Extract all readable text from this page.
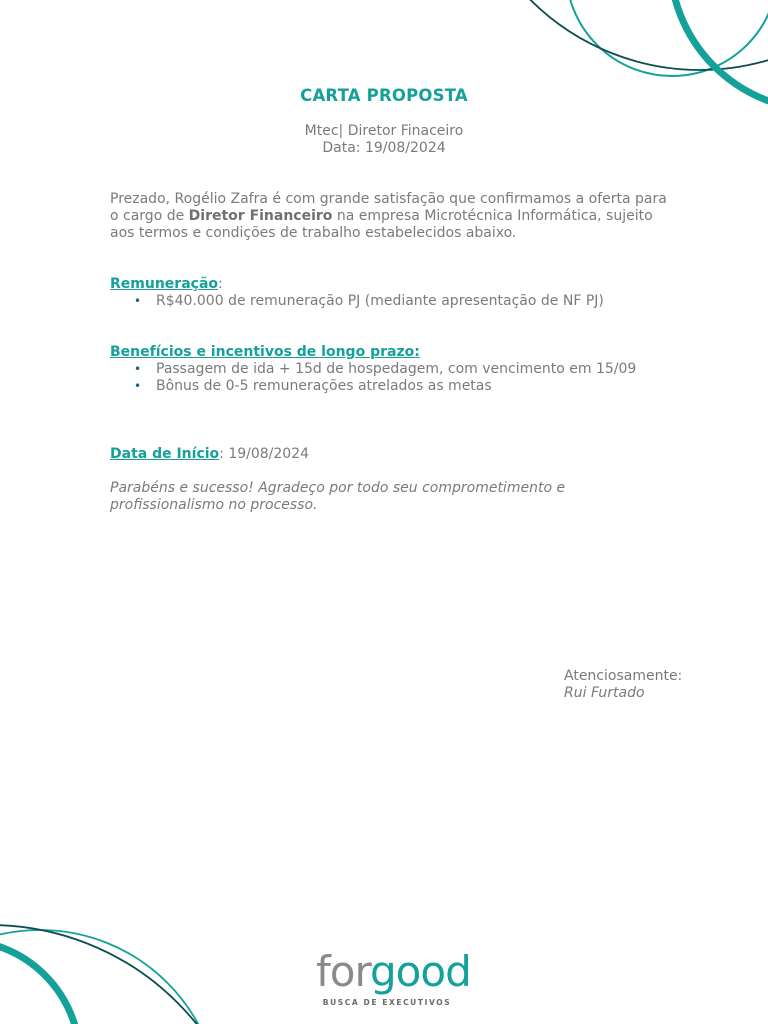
CARTA PROPOSTA
Mtec| Diretor Finaceiro
Data: 19/08/2024
Prezado, Rogélio Zafra é com grande satisfação que confirmamos a oferta para o cargo de Diretor Financeiro na empresa Microtécnica Informática, sujeito aos termos e condições de trabalho estabelecidos abaixo.
Remuneração:
• R$40.000 de remuneração PJ (mediante apresentação de NF PJ)
Benefícios e incentivos de longo prazo:
• Passagem de ida + 15d de hospedagem, com vencimento em 15/09
• Bônus de 0-5 remunerações atrelados as metas
Data de Início: 19/08/2024
Parabéns e sucesso! Agradeço por todo seu comprometimento e profissionalismo no processo.
Atenciosamente:
Rui Furtado
forgood
BUSCA DE EXECUTIVOS
